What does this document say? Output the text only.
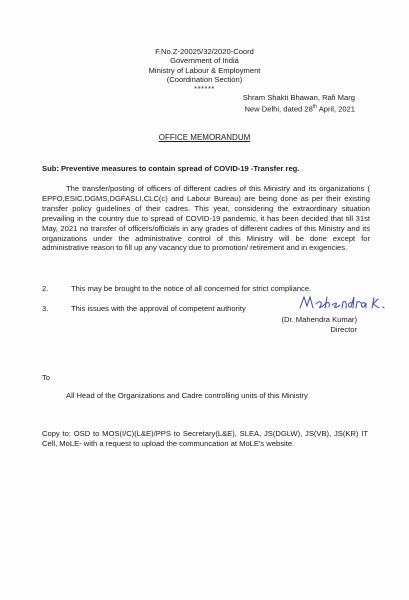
F.No.Z-20025/32/2020-Coord
Government of India
Ministry of Labour & Employment
(Coordination Section)
******
Shram Shakti Bhawan, Rafi Marg
New Delhi, dated 28th April, 2021
OFFICE MEMORANDUM
Sub: Preventive measures to contain spread of COVID-19 -Transfer reg.

The transfer/posting of officers of different cadres of this Ministry and its organizations ( EPFO,ESIC,DGMS,DGFASLI,CLC(c) and Labour Bureau) are being done as per their existing transfer policy guidelines of their cadres. This year, considering the extraordinary situation prevailing in the country due to spread of COVID-19 pandemic, it has been decided that till 31st May, 2021 no transfer of officers/officials in any grades of different cadres of this Ministry and its organizations under the administrative control of this Ministry will be done except for administrative reason to fill up any vacancy due to promotion/ retirement and in exigencies.

2.	This may be brought to the notice of all concerned for strict compliance.
3.	This issues with the approval of competent authority
(Dr. Mahendra Kumar)
Director
To
All Head of the Organizations and Cadre controlling units of this Ministry

Copy to: OSD to MOS(I/C)(L&E)/PPS to Secretary(L&E), SLEA, JS(DGLW), JS(VB), JS(KR) IT Cell, MoLE- with a request to upload the communcation at MoLE's website.
